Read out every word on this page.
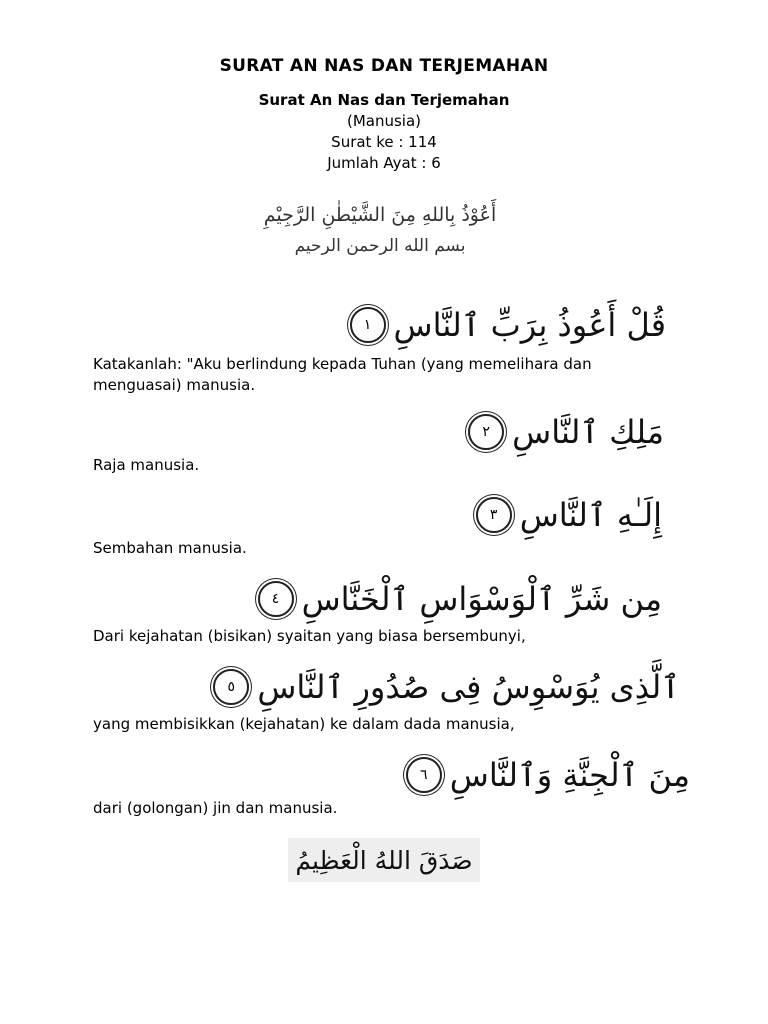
SURAT AN NAS DAN TERJEMAHAN
Surat An Nas dan Terjemahan
(Manusia)
Surat ke : 114
Jumlah Ayat : 6
أَعُوْذُ بِاللهِ مِنَ الشَّيْطٰنِ الرَّجِيْمِ
بسم الله الرحمن الرحيم
قُلْ أَعُوذُ بِرَبِّ ٱلنَّاسِ
١
Katakanlah: "Aku berlindung kepada Tuhan (yang memelihara dan menguasai) manusia.
مَلِكِ ٱلنَّاسِ
٢
Raja manusia.
إِلَـٰهِ ٱلنَّاسِ
٣
Sembahan manusia.
مِن شَرِّ ٱلْوَسْوَاسِ ٱلْخَنَّاسِ
٤
Dari kejahatan (bisikan) syaitan yang biasa bersembunyi,
ٱلَّذِى يُوَسْوِسُ فِى صُدُورِ ٱلنَّاسِ
٥
yang membisikkan (kejahatan) ke dalam dada manusia,
مِنَ ٱلْجِنَّةِ وَٱلنَّاسِ
٦
dari (golongan) jin dan manusia.
صَدَقَ اللهُ الْعَظِيمُ
